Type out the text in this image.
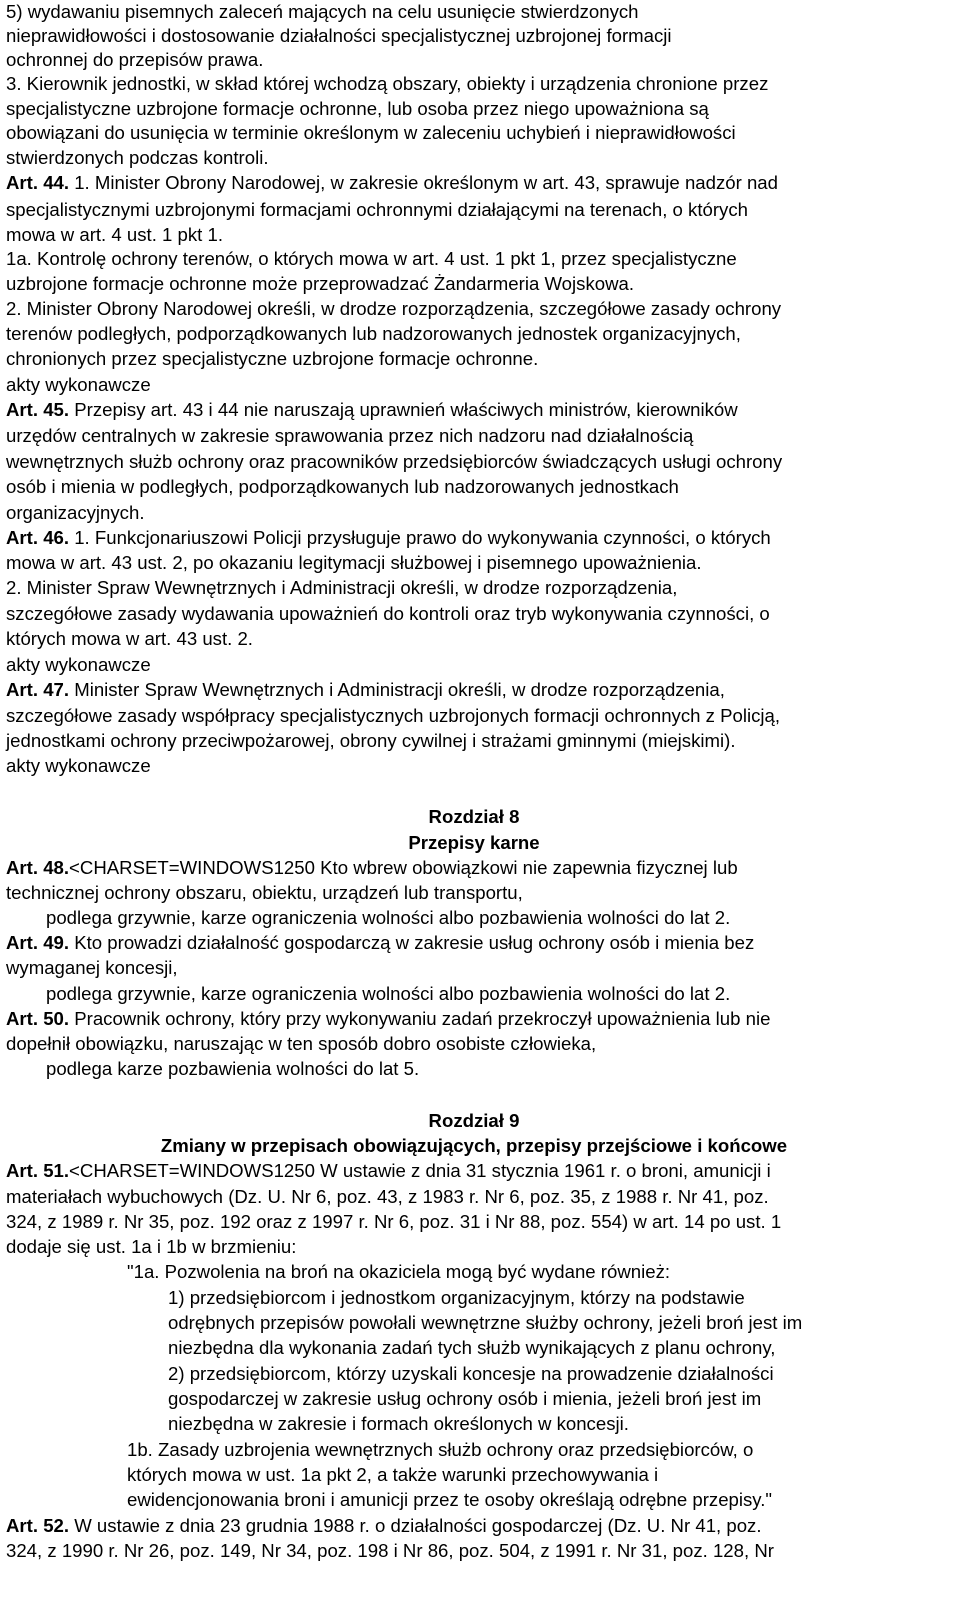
5) wydawaniu pisemnych zaleceń mających na celu usunięcie stwierdzonych
nieprawidłowości i dostosowanie działalności specjalistycznej uzbrojonej formacji
ochronnej do przepisów prawa.
3. Kierownik jednostki, w skład której wchodzą obszary, obiekty i urządzenia chronione przez
specjalistyczne uzbrojone formacje ochronne, lub osoba przez niego upoważniona są
obowiązani do usunięcia w terminie określonym w zaleceniu uchybień i nieprawidłowości
stwierdzonych podczas kontroli.
Art. 44. 1. Minister Obrony Narodowej, w zakresie określonym w art. 43, sprawuje nadzór nad
specjalistycznymi uzbrojonymi formacjami ochronnymi działającymi na terenach, o których
mowa w art. 4 ust. 1 pkt 1.
1a. Kontrolę ochrony terenów, o których mowa w art. 4 ust. 1 pkt 1, przez specjalistyczne
uzbrojone formacje ochronne może przeprowadzać Żandarmeria Wojskowa.
2. Minister Obrony Narodowej określi, w drodze rozporządzenia, szczegółowe zasady ochrony
terenów podległych, podporządkowanych lub nadzorowanych jednostek organizacyjnych,
chronionych przez specjalistyczne uzbrojone formacje ochronne.
akty wykonawcze
Art. 45. Przepisy art. 43 i 44 nie naruszają uprawnień właściwych ministrów, kierowników
urzędów centralnych w zakresie sprawowania przez nich nadzoru nad działalnością
wewnętrznych służb ochrony oraz pracowników przedsiębiorców świadczących usługi ochrony
osób i mienia w podległych, podporządkowanych lub nadzorowanych jednostkach
organizacyjnych.
Art. 46. 1. Funkcjonariuszowi Policji przysługuje prawo do wykonywania czynności, o których
mowa w art. 43 ust. 2, po okazaniu legitymacji służbowej i pisemnego upoważnienia.
2. Minister Spraw Wewnętrznych i Administracji określi, w drodze rozporządzenia,
szczegółowe zasady wydawania upoważnień do kontroli oraz tryb wykonywania czynności, o
których mowa w art. 43 ust. 2.
akty wykonawcze
Art. 47. Minister Spraw Wewnętrznych i Administracji określi, w drodze rozporządzenia,
szczegółowe zasady współpracy specjalistycznych uzbrojonych formacji ochronnych z Policją,
jednostkami ochrony przeciwpożarowej, obrony cywilnej i strażami gminnymi (miejskimi).
akty wykonawcze
Rozdział 8
Przepisy karne
Art. 48.<CHARSET=WINDOWS1250 Kto wbrew obowiązkowi nie zapewnia fizycznej lub
technicznej ochrony obszaru, obiektu, urządzeń lub transportu,
podlega grzywnie, karze ograniczenia wolności albo pozbawienia wolności do lat 2.
Art. 49. Kto prowadzi działalność gospodarczą w zakresie usług ochrony osób i mienia bez
wymaganej koncesji,
podlega grzywnie, karze ograniczenia wolności albo pozbawienia wolności do lat 2.
Art. 50. Pracownik ochrony, który przy wykonywaniu zadań przekroczył upoważnienia lub nie
dopełnił obowiązku, naruszając w ten sposób dobro osobiste człowieka,
podlega karze pozbawienia wolności do lat 5.
Rozdział 9
Zmiany w przepisach obowiązujących, przepisy przejściowe i końcowe
Art. 51.<CHARSET=WINDOWS1250 W ustawie z dnia 31 stycznia 1961 r. o broni, amunicji i
materiałach wybuchowych (Dz. U. Nr 6, poz. 43, z 1983 r. Nr 6, poz. 35, z 1988 r. Nr 41, poz.
324, z 1989 r. Nr 35, poz. 192 oraz z 1997 r. Nr 6, poz. 31 i Nr 88, poz. 554) w art. 14 po ust. 1
dodaje się ust. 1a i 1b w brzmieniu:
"1a. Pozwolenia na broń na okaziciela mogą być wydane również:
1) przedsiębiorcom i jednostkom organizacyjnym, którzy na podstawie
odrębnych przepisów powołali wewnętrzne służby ochrony, jeżeli broń jest im
niezbędna dla wykonania zadań tych służb wynikających z planu ochrony,
2) przedsiębiorcom, którzy uzyskali koncesje na prowadzenie działalności
gospodarczej w zakresie usług ochrony osób i mienia, jeżeli broń jest im
niezbędna w zakresie i formach określonych w koncesji.
1b. Zasady uzbrojenia wewnętrznych służb ochrony oraz przedsiębiorców, o
których mowa w ust. 1a pkt 2, a także warunki przechowywania i
ewidencjonowania broni i amunicji przez te osoby określają odrębne przepisy."
Art. 52. W ustawie z dnia 23 grudnia 1988 r. o działalności gospodarczej (Dz. U. Nr 41, poz.
324, z 1990 r. Nr 26, poz. 149, Nr 34, poz. 198 i Nr 86, poz. 504, z 1991 r. Nr 31, poz. 128, Nr
